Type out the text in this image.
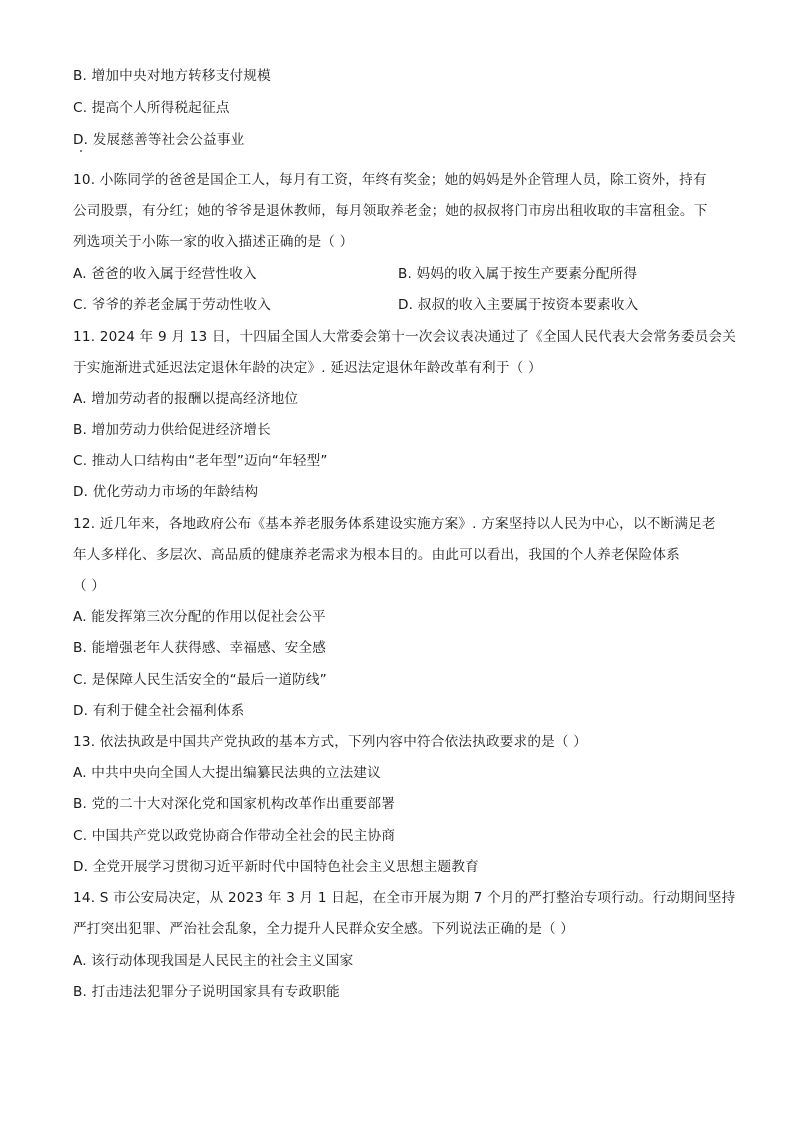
B. 增加中央对地方转移支付规模
C. 提高个人所得税起征点
D. 发展慈善等社会公益事业
10. 小陈同学的爸爸是国企工人，每月有工资，年终有奖金；她的妈妈是外企管理人员，除工资外，持有
公司股票，有分红；她的爷爷是退休教师，每月领取养老金；她的叔叔将门市房出租收取的丰富租金。下
列选项关于小陈一家的收入描述正确的是（ ）
A. 爸爸的收入属于经营性收入	B. 妈妈的收入属于按生产要素分配所得
C. 爷爷的养老金属于劳动性收入	D. 叔叔的收入主要属于按资本要素收入
11. 2024 年 9 月 13 日，十四届全国人大常委会第十一次会议表决通过了《全国人民代表大会常务委员会关
于实施渐进式延迟法定退休年龄的决定》. 延迟法定退休年龄改革有利于（ ）
A. 增加劳动者的报酬以提高经济地位
B. 增加劳动力供给促进经济增长
C. 推动人口结构由“老年型”迈向“年轻型”
D. 优化劳动力市场的年龄结构
12. 近几年来，各地政府公布《基本养老服务体系建设实施方案》. 方案坚持以人民为中心，以不断满足老
年人多样化、多层次、高品质的健康养老需求为根本目的。由此可以看出，我国的个人养老保险体系
（ ）
A. 能发挥第三次分配的作用以促社会公平
B. 能增强老年人获得感、幸福感、安全感
C. 是保障人民生活安全的“最后一道防线”
D. 有利于健全社会福利体系
13. 依法执政是中国共产党执政的基本方式，下列内容中符合依法执政要求的是（ ）
A. 中共中央向全国人大提出编纂民法典的立法建议
B. 党的二十大对深化党和国家机构改革作出重要部署
C. 中国共产党以政党协商合作带动全社会的民主协商
D. 全党开展学习贯彻习近平新时代中国特色社会主义思想主题教育
14. S 市公安局决定，从 2023 年 3 月 1 日起，在全市开展为期 7 个月的严打整治专项行动。行动期间坚持
严打突出犯罪、严治社会乱象，全力提升人民群众安全感。下列说法正确的是（ ）
A. 该行动体现我国是人民民主的社会主义国家
B. 打击违法犯罪分子说明国家具有专政职能
